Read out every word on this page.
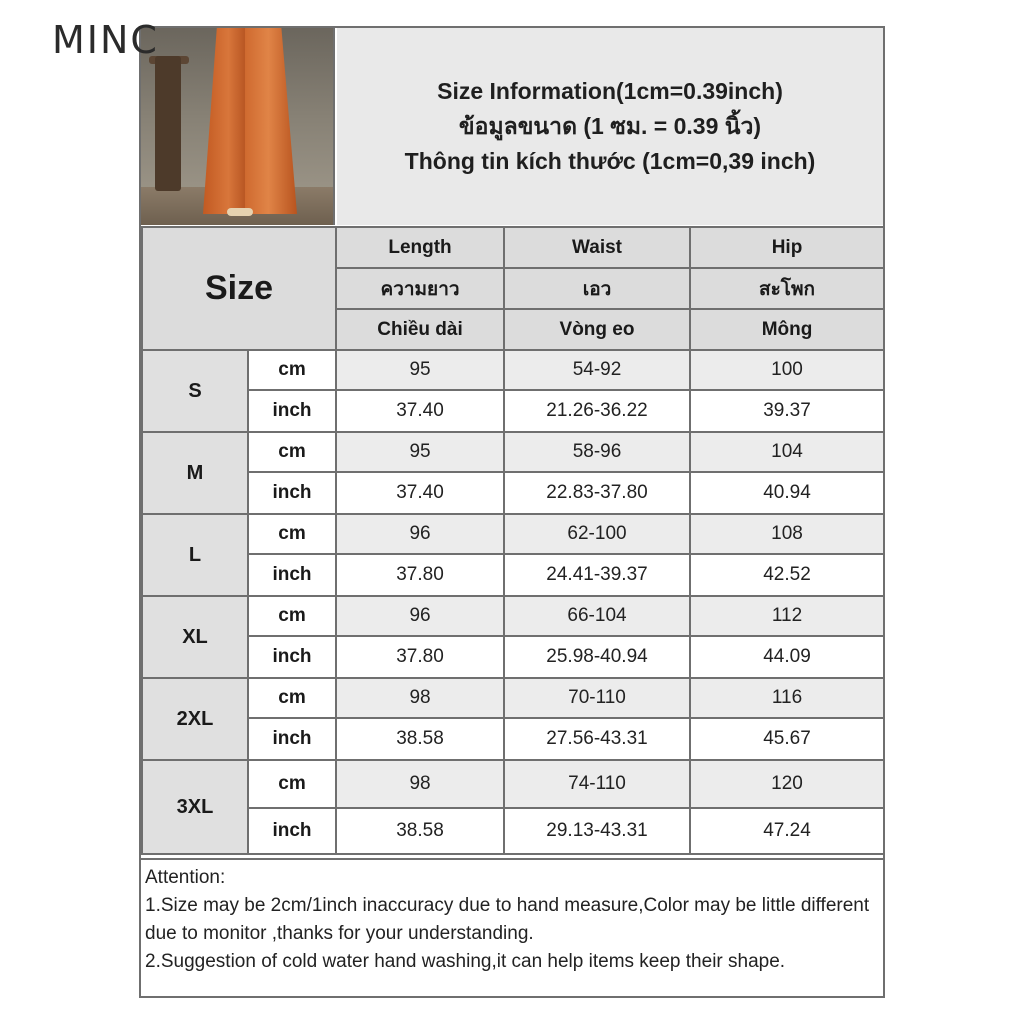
MINC
Size Information(1cm=0.39inch)
ข้อมูลขนาด (1 ซม. = 0.39 นิ้ว)
Thông tin kích thước (1cm=0,39 inch)
Size		Length	Waist	Hip
		ความยาว	เอว	สะโพก
		Chiều dài	Vòng eo	Mông
S	cm	95	54-92	100
	inch	37.40	21.26-36.22	39.37
M	cm	95	58-96	104
	inch	37.40	22.83-37.80	40.94
L	cm	96	62-100	108
	inch	37.80	24.41-39.37	42.52
XL	cm	96	66-104	112
	inch	37.80	25.98-40.94	44.09
2XL	cm	98	70-110	116
	inch	38.58	27.56-43.31	45.67
3XL	cm	98	74-110	120
	inch	38.58	29.13-43.31	47.24
Attention:
1.Size may be 2cm/1inch inaccuracy due to hand measure,Color may be little different due to monitor ,thanks for your understanding.
2.Suggestion of cold water hand washing,it can help items keep their shape.
